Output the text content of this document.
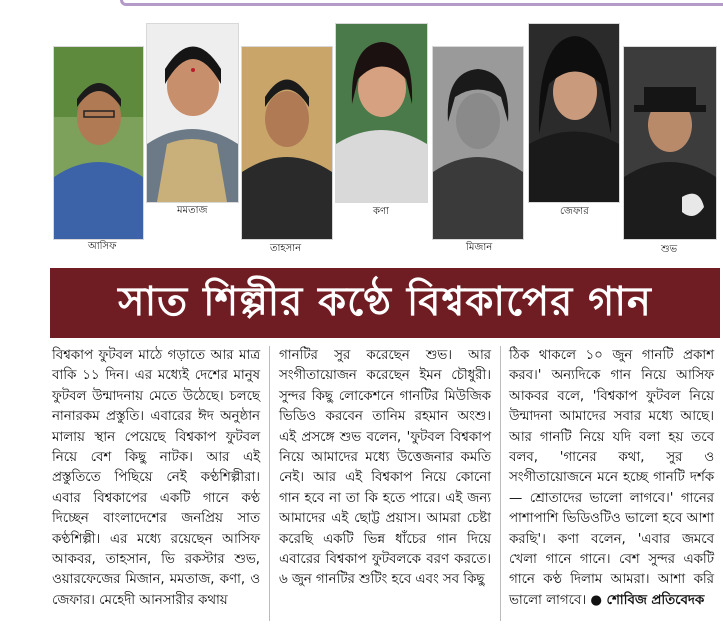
আসিফ
মমতাজ
তাহসান
কণা
মিজান
জেফার
শুভ
সাত শিল্পীর কণ্ঠে বিশ্বকাপের গান
বিশ্বকাপ ফুটবল মাঠে গড়াতে আর মাত্র বাকি ১১ দিন। এর মধ্যেই দেশের মানুষ ফুটবল উন্মাদনায় মেতে উঠেছে। চলছে নানারকম প্রস্তুতি। এবারের ঈদ অনুষ্ঠান মালায় স্থান পেয়েছে বিশ্বকাপ ফুটবল নিয়ে বেশ কিছু নাটক। আর এই প্রস্তুতিতে পিছিয়ে নেই কণ্ঠশিল্পীরা। এবার বিশ্বকাপের একটি গানে কণ্ঠ দিচ্ছেন বাংলাদেশের জনপ্রিয় সাত কণ্ঠশিল্পী। এর মধ্যে রয়েছেন আসিফ আকবর, তাহসান, ভি রকস্টার শুভ, ওয়ারফেজের মিজান, মমতাজ, কণা, ও জেফার। মেহেদী আনসারীর কথায়
গানটির সুর করেছেন শুভ। আর সংগীতায়োজন করেছেন ইমন চৌধুরী। সুন্দর কিছু লোকেশনে গানটির মিউজিক ভিডিও করবেন তানিম রহমান অংশু। এই প্রসঙ্গে শুভ বলেন, 'ফুটবল বিশ্বকাপ নিয়ে আমাদের মধ্যে উত্তেজনার কমতি নেই। আর এই বিশ্বকাপ নিয়ে কোনো গান হবে না তা কি হতে পারে। এই জন্য আমাদের এই ছোট্ট প্রয়াস। আমরা চেষ্টা করেছি একটি ভিন্ন ধাঁচের গান দিয়ে এবারের বিশ্বকাপ ফুটবলকে বরণ করতে। ৬ জুন গানটির শুটিং হবে এবং সব কিছু
ঠিক থাকলে ১০ জুন গানটি প্রকাশ করব।' অন্যদিকে গান নিয়ে আসিফ আকবর বলে, 'বিশ্বকাপ ফুটবল নিয়ে উন্মাদনা আমাদের সবার মধ্যে আছে। আর গানটি নিয়ে যদি বলা হয় তবে বলব, 'গানের কথা, সুর ও সংগীতায়োজনে মনে হচ্ছে গানটি দর্শক— শ্রোতাদের ভালো লাগবে।' গানের পাশাপাশি ভিডিওটিও ভালো হবে আশা করছি'। কণা বলেন, 'এবার জমবে খেলা গানে গানে। বেশ সুন্দর একটি গানে কণ্ঠ দিলাম আমরা। আশা করি ভালো লাগবে। ● শোবিজ প্রতিবেদক
